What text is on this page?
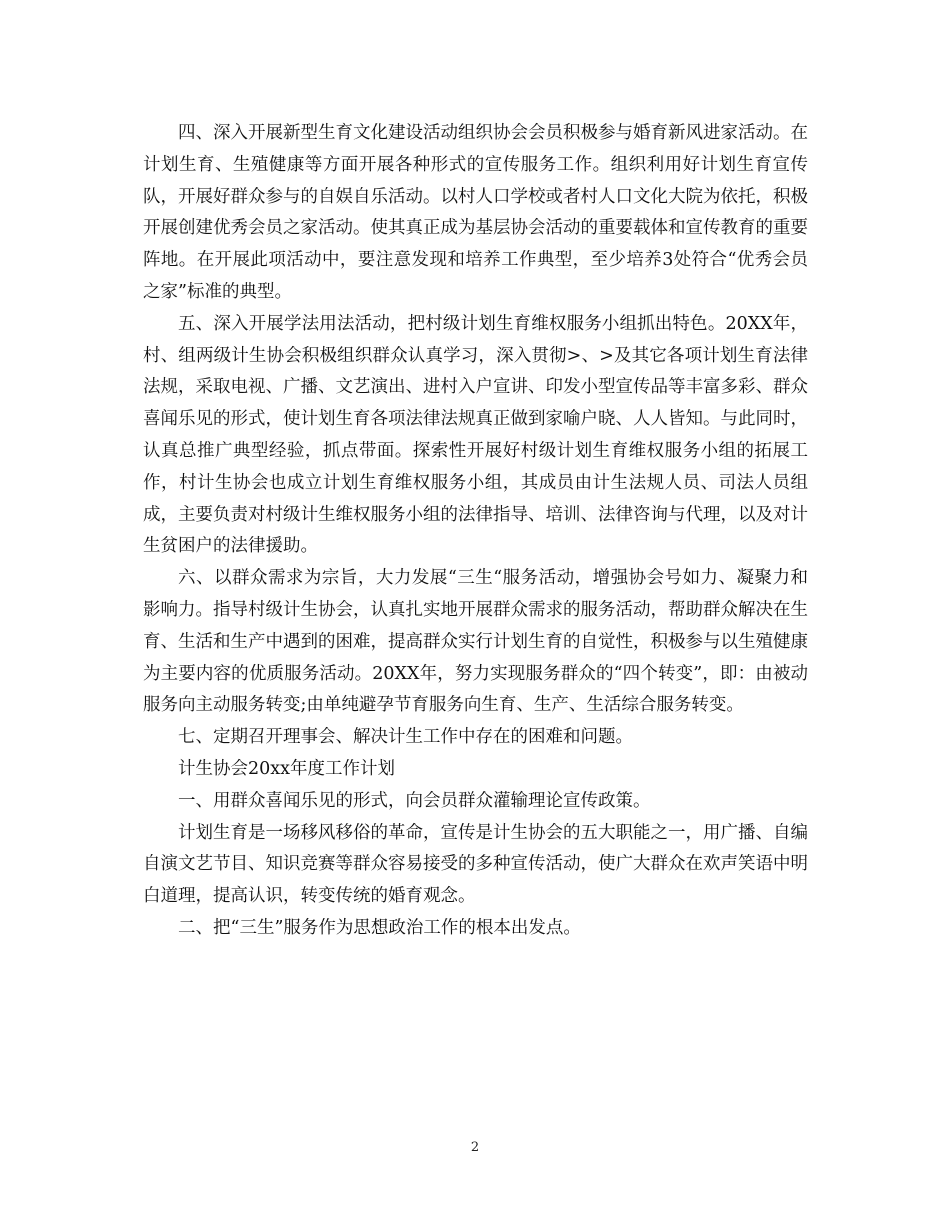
四、深入开展新型生育文化建设活动组织协会会员积极参与婚育新风进家活动。在计划生育、生殖健康等方面开展各种形式的宣传服务工作。组织利用好计划生育宣传队，开展好群众参与的自娱自乐活动。以村人口学校或者村人口文化大院为依托，积极开展创建优秀会员之家活动。使其真正成为基层协会活动的重要载体和宣传教育的重要阵地。在开展此项活动中，要注意发现和培养工作典型，至少培养3处符合“优秀会员之家”标准的典型。

五、深入开展学法用法活动，把村级计划生育维权服务小组抓出特色。20XX年，村、组两级计生协会积极组织群众认真学习，深入贯彻>、>及其它各项计划生育法律法规，采取电视、广播、文艺演出、进村入户宣讲、印发小型宣传品等丰富多彩、群众喜闻乐见的形式，使计划生育各项法律法规真正做到家喻户晓、人人皆知。与此同时，认真总推广典型经验，抓点带面。探索性开展好村级计划生育维权服务小组的拓展工作，村计生协会也成立计划生育维权服务小组，其成员由计生法规人员、司法人员组成，主要负责对村级计生维权服务小组的法律指导、培训、法律咨询与代理，以及对计生贫困户的法律援助。

六、以群众需求为宗旨，大力发展“三生“服务活动，增强协会号如力、凝聚力和影响力。指导村级计生协会，认真扎实地开展群众需求的服务活动，帮助群众解决在生育、生活和生产中遇到的困难，提高群众实行计划生育的自觉性，积极参与以生殖健康为主要内容的优质服务活动。20XX年，努力实现服务群众的“四个转变”，即：由被动服务向主动服务转变;由单纯避孕节育服务向生育、生产、生活综合服务转变。

七、定期召开理事会、解决计生工作中存在的困难和问题。

计生协会20xx年度工作计划

一、用群众喜闻乐见的形式，向会员群众灌输理论宣传政策。

计划生育是一场移风移俗的革命，宣传是计生协会的五大职能之一，用广播、自编自演文艺节目、知识竞赛等群众容易接受的多种宣传活动，使广大群众在欢声笑语中明白道理，提高认识，转变传统的婚育观念。

二、把“三生”服务作为思想政治工作的根本出发点。

2
